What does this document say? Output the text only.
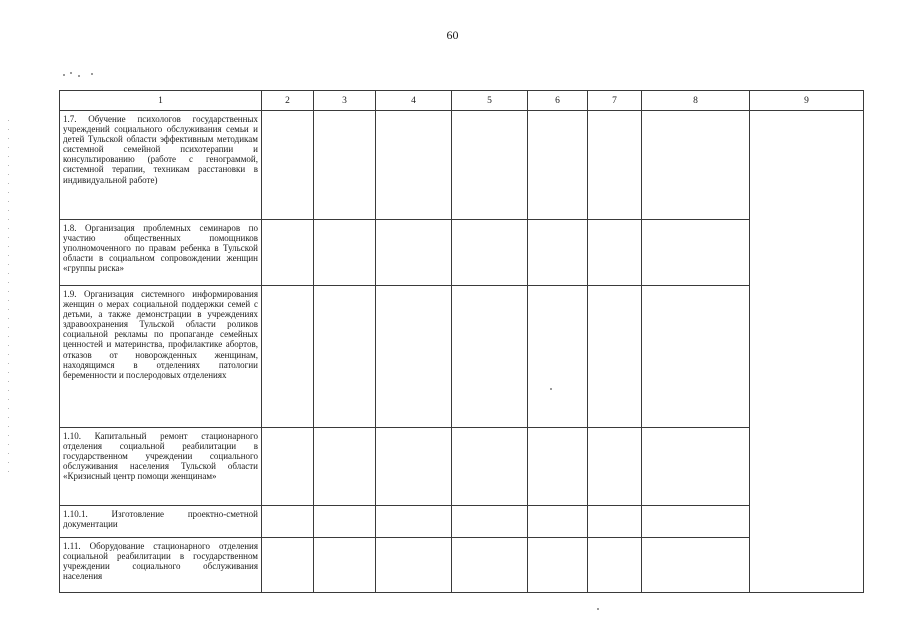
60
1	2	3	4	5	6	7	8	9

1.7. Обучение психологов государственных учреждений социального обслуживания семьи и детей Тульской области эффективным методикам системной семейной психотерапии и консультированию (работе с генограммой, системной терапии, техникам расстановки в индивидуальной работе)								

1.8. Организация проблемных семинаров по участию общественных помощников уполномоченного по правам ребенка в Тульской области в социальном сопровождении женщин «группы риска»								

1.9. Организация системного информирования женщин о мерах социальной поддержки семей с детьми, а также демонстрации в учреждениях здравоохранения Тульской области роликов социальной рекламы по пропаганде семейных ценностей и материнства, профилактике абортов, отказов от новорожденных женщинам, находящимся в отделениях патологии беременности и послеродовых отделениях								

1.10. Капитальный ремонт стационарного отделения социальной реабилитации в государственном учреждении социального обслуживания населения Тульской области «Кризисный центр помощи женщинам»								

1.10.1. Изготовление проектно-сметной документации								

1.11. Оборудование стационарного отделения социальной реабилитации в государственном учреждении социального обслуживания населения								
